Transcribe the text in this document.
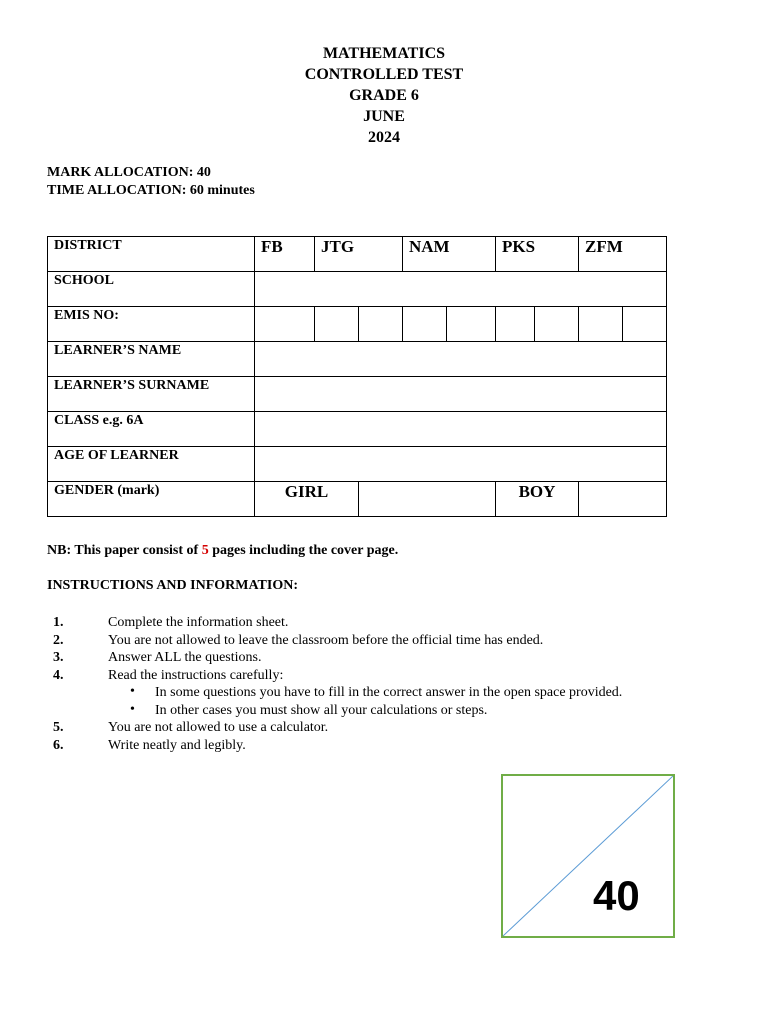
MATHEMATICS
CONTROLLED TEST
GRADE 6
JUNE
2024
MARK ALLOCATION: 40
TIME ALLOCATION: 60 minutes
DISTRICT	FB	JTG		NAM		PKS		ZFM	
SCHOOL									
EMIS NO:									
LEARNER’S NAME									
LEARNER’S SURNAME									
CLASS e.g. 6A									
AGE OF LEARNER									
GENDER (mark)	GIRL					BOY			
NB: This paper consist of 5 pages including the cover page.
INSTRUCTIONS AND INFORMATION:
1.	Complete the information sheet.
2.	You are not allowed to leave the classroom before the official time has ended.
3.	Answer ALL the questions.
4.	Read the instructions carefully:
• In some questions you have to fill in the correct answer in the open space provided.
• In other cases you must show all your calculations or steps.
5.	You are not allowed to use a calculator.
6.	Write neatly and legibly.
40
